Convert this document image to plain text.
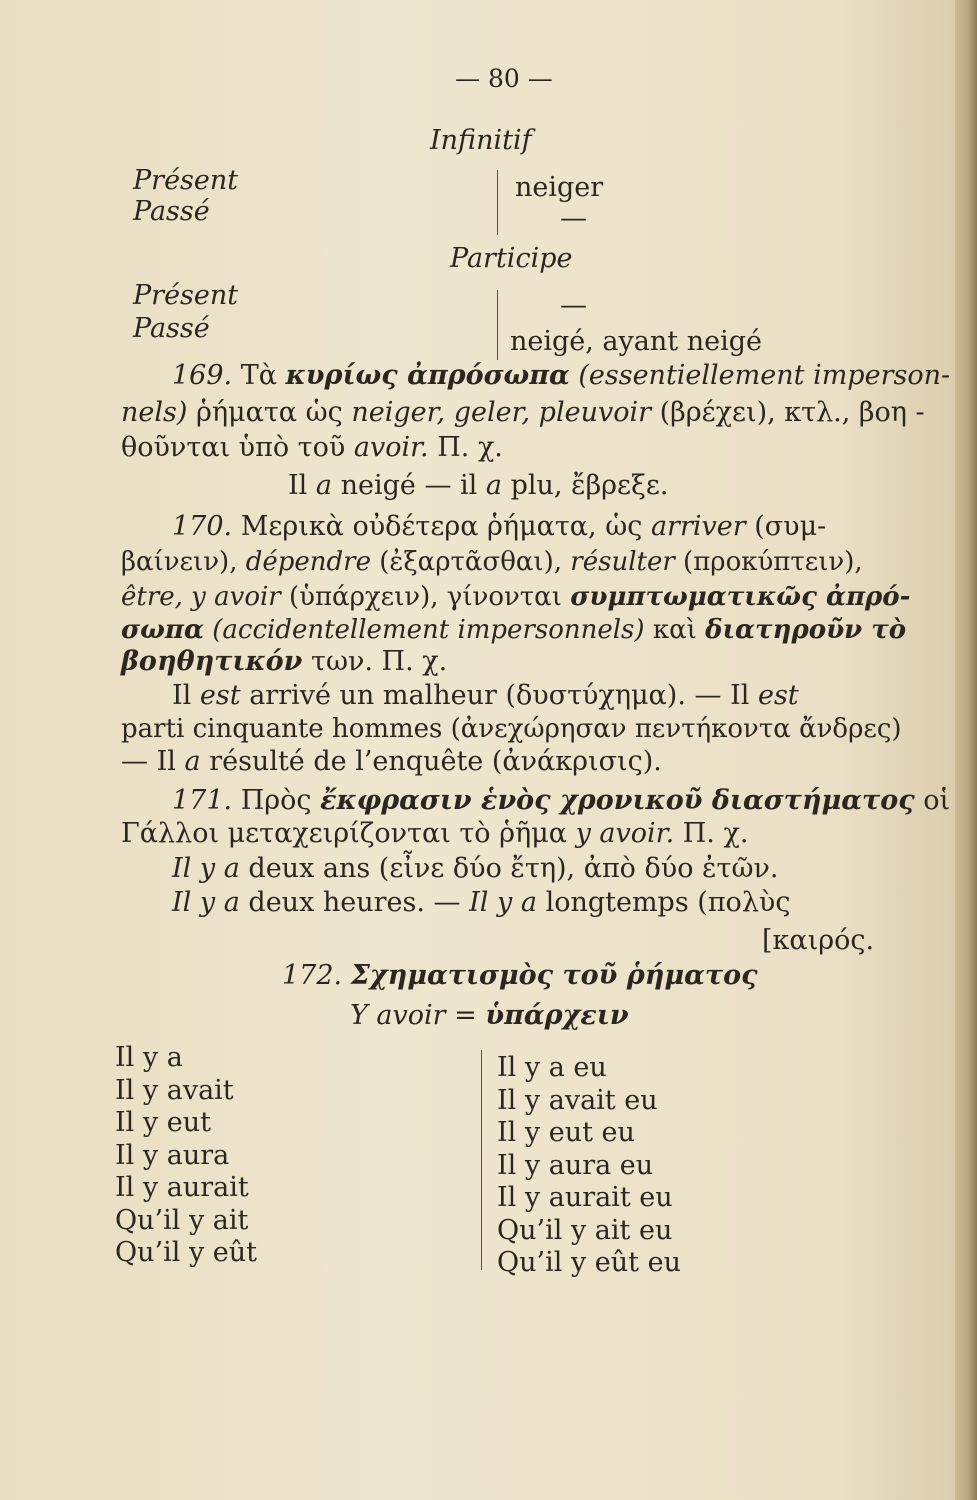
— 80 —
Infinitif
Présent
Passé
neiger
—
Participe
Présent
Passé
—
neigé, ayant neigé
169. Τὰ κυρίως ἀπρόσωπα (essentiellement imperson-
nels) ῥήματα ὡς neiger, geler, pleuvoir (βρέχει), κτλ., βοη -
θοῦνται ὑπὸ τοῦ avoir. Π. χ.
Il a neigé — il a plu, ἔβρεξε.
170. Μερικὰ οὐδέτερα ῥήματα, ὡς arriver (συμ-
βαίνειν), dépendre (ἐξαρτᾶσθαι), résulter (προκύπτειν),
être, y avoir (ὑπάρχειν), γίνονται συμπτωματικῶς ἀπρό-
σωπα (accidentellement impersonnels) καὶ διατηροῦν τὸ
βοηθητικόν των. Π. χ.
Il est arrivé un malheur (δυστύχημα). — Il est
parti cinquante hommes (ἀνεχώρησαν πεντήκοντα ἄνδρες)
— Il a résulté de l’enquête (ἀνάκρισις).
171. Πρὸς ἔκφρασιν ἑνὸς χρονικοῦ διαστήματος οἱ
Γάλλοι μεταχειρίζονται τὸ ῥῆμα y avoir. Π. χ.
Il y a deux ans (εἶνε δύο ἔτη), ἀπὸ δύο ἐτῶν.
Il y a deux heures. — Il y a longtemps (πολὺς
[καιρός.
172. Σχηματισμὸς τοῦ ῥήματος
Y avoir = ὑπάρχειν
Il y a
Il y avait
Il y eut
Il y aura
Il y aurait
Qu’il y ait
Qu’il y eût
Il y a eu
Il y avait eu
Il y eut eu
Il y aura eu
Il y aurait eu
Qu’il y ait eu
Qu’il y eût eu
